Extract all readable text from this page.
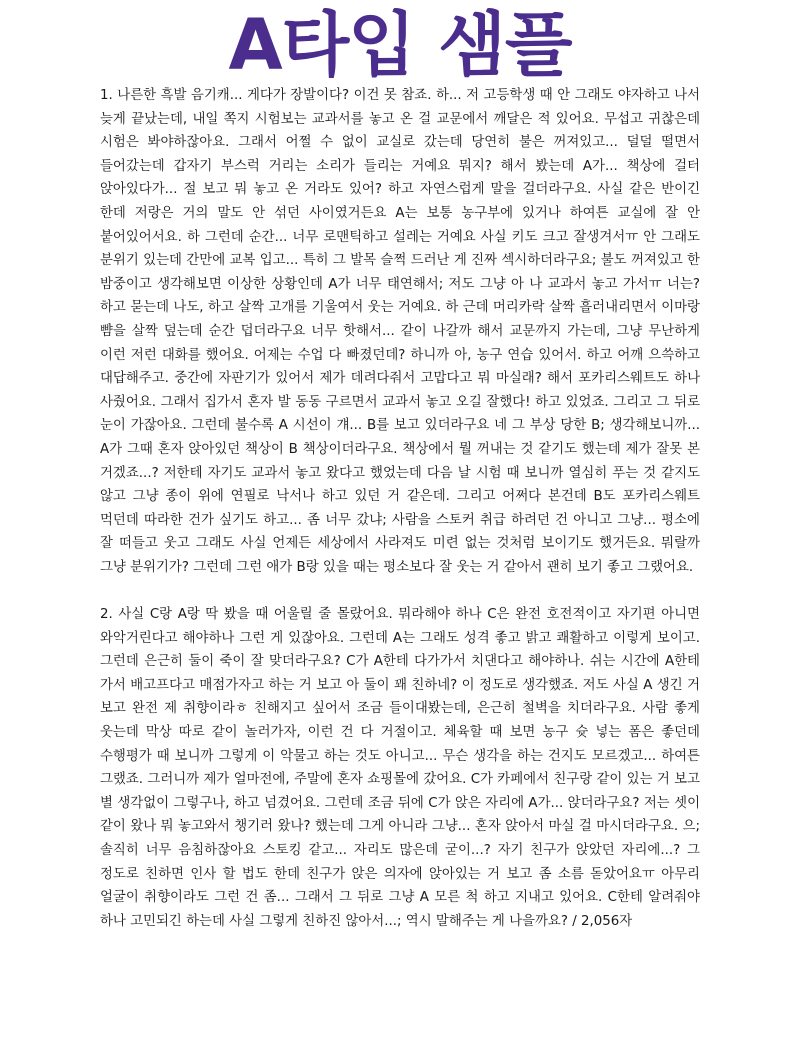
A타입 샘플

1. 나른한 흑발 음기캐... 게다가 장발이다? 이건 못 참죠. 하... 저 고등학생 때 안 그래도 야자하고 나서 늦게 끝났는데, 내일 쪽지 시험보는 교과서를 놓고 온 걸 교문에서 깨달은 적 있어요. 무섭고 귀찮은데 시험은 봐야하잖아요. 그래서 어쩔 수 없이 교실로 갔는데 당연히 불은 꺼져있고... 덜덜 떨면서 들어갔는데 갑자기 부스럭 거리는 소리가 들리는 거예요 뭐지? 해서 봤는데 A가... 책상에 걸터 앉아있다가... 절 보고 뭐 놓고 온 거라도 있어? 하고 자연스럽게 말을 걸더라구요. 사실 같은 반이긴 한데 저랑은 거의 말도 안 섞던 사이였거든요 A는 보통 농구부에 있거나 하여튼 교실에 잘 안 붙어있어서요. 하 그런데 순간... 너무 로맨틱하고 설레는 거예요 사실 키도 크고 잘생겨서ㅠ 안 그래도 분위기 있는데 간만에 교복 입고... 특히 그 발목 슬쩍 드러난 게 진짜 섹시하더라구요; 불도 꺼져있고 한 밤중이고 생각해보면 이상한 상황인데 A가 너무 태연해서; 저도 그냥 아 나 교과서 놓고 가서ㅠ 너는? 하고 묻는데 나도, 하고 살짝 고개를 기울여서 웃는 거예요. 하 근데 머리카락 살짝 흘러내리면서 이마랑 뺨을 살짝 덮는데 순간 덥더라구요 너무 핫해서... 같이 나갈까 해서 교문까지 가는데, 그냥 무난하게 이런 저런 대화를 했어요. 어제는 수업 다 빠졌던데? 하니까 아, 농구 연습 있어서. 하고 어깨 으쓱하고 대답해주고. 중간에 자판기가 있어서 제가 데려다줘서 고맙다고 뭐 마실래? 해서 포카리스웨트도 하나 사줬어요. 그래서 집가서 혼자 발 동동 구르면서 교과서 놓고 오길 잘했다! 하고 있었죠. 그리고 그 뒤로 눈이 가잖아요. 그런데 불수록 A 시선이 걔... B를 보고 있더라구요 네 그 부상 당한 B; 생각해보니까... A가 그때 혼자 앉아있던 책상이 B 책상이더라구요. 책상에서 뭘 꺼내는 것 같기도 했는데 제가 잘못 본 거겠죠...? 저한테 자기도 교과서 놓고 왔다고 했었는데 다음 날 시험 때 보니까 열심히 푸는 것 같지도 않고 그냥 종이 위에 연필로 낙서나 하고 있던 거 같은데. 그리고 어쩌다 본건데 B도 포카리스웨트 먹던데 따라한 건가 싶기도 하고... 좀 너무 갔냐; 사람을 스토커 취급 하려던 건 아니고 그냥... 평소에 잘 떠들고 웃고 그래도 사실 언제든 세상에서 사라져도 미련 없는 것처럼 보이기도 했거든요. 뭐랄까 그냥 분위기가? 그런데 그런 애가 B랑 있을 때는 평소보다 잘 웃는 거 같아서 괜히 보기 좋고 그랬어요.

2. 사실 C랑 A랑 딱 봤을 때 어울릴 줄 몰랐어요. 뭐라해야 하나 C은 완전 호전적이고 자기편 아니면 와악거린다고 해야하나 그런 게 있잖아요. 그런데 A는 그래도 성격 좋고 밝고 쾌활하고 이렇게 보이고. 그런데 은근히 둘이 죽이 잘 맞더라구요? C가 A한테 다가가서 치댄다고 해야하나. 쉬는 시간에 A한테 가서 배고프다고 매점가자고 하는 거 보고 아 둘이 꽤 친하네? 이 정도로 생각했죠. 저도 사실 A 생긴 거 보고 완전 제 취향이라ㅎ 친해지고 싶어서 조금 들이대봤는데, 은근히 철벽을 치더라구요. 사람 좋게 웃는데 막상 따로 같이 놀러가자, 이런 건 다 거절이고. 체육할 때 보면 농구 슛 넣는 폼은 좋던데 수행평가 때 보니까 그렇게 이 악물고 하는 것도 아니고... 무슨 생각을 하는 건지도 모르겠고... 하여튼 그랬죠. 그러니까 제가 얼마전에, 주말에 혼자 쇼핑몰에 갔어요. C가 카페에서 친구랑 같이 있는 거 보고 별 생각없이 그렇구나, 하고 넘겼어요. 그런데 조금 뒤에 C가 앉은 자리에 A가... 앉더라구요? 저는 셋이 같이 왔나 뭐 놓고와서 챙기러 왔나? 했는데 그게 아니라 그냥... 혼자 앉아서 마실 걸 마시더라구요. 으; 솔직히 너무 음침하잖아요 스토킹 같고... 자리도 많은데 굳이...? 자기 친구가 앉았던 자리에...? 그 정도로 친하면 인사 할 법도 한데 친구가 앉은 의자에 앉아있는 거 보고 좀 소름 돋았어요ㅠ 아무리 얼굴이 취향이라도 그런 건 좀... 그래서 그 뒤로 그냥 A 모른 척 하고 지내고 있어요. C한테 알려줘야 하나 고민되긴 하는데 사실 그렇게 친하진 않아서...; 역시 말해주는 게 나을까요? / 2,056자
